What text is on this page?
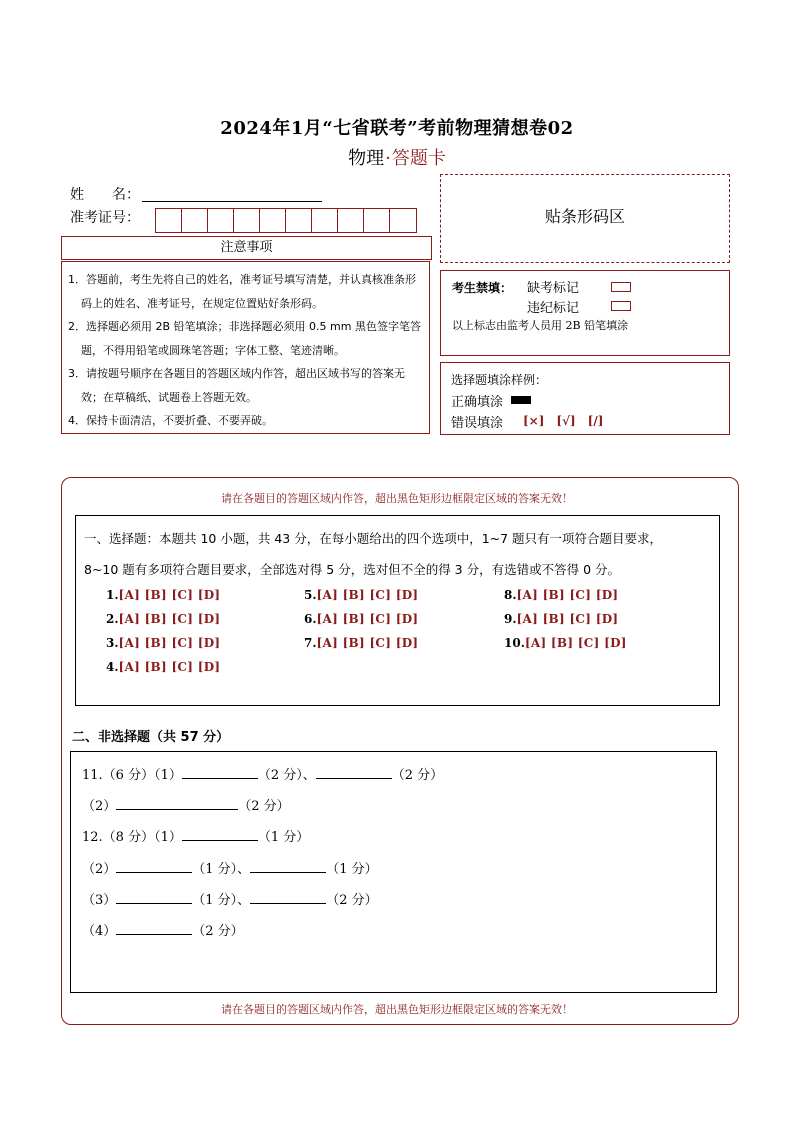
2024年1月“七省联考”考前物理猜想卷02
物理·答题卡
姓　　名：
准考证号：
注意事项

1．答题前，考生先将自己的姓名，准考证号填写清楚，并认真核准条形码上的姓名、准考证号，在规定位置贴好条形码。

2．选择题必须用 2B 铅笔填涂；非选择题必须用 0.5 mm 黑色签字笔答题，不得用铅笔或圆珠笔答题；字体工整、笔迹清晰。

3．请按题号顺序在各题目的答题区域内作答，超出区域书写的答案无效；在草稿纸、试题卷上答题无效。

4．保持卡面清洁，不要折叠、不要弄破。

贴条形码区
考生禁填： 缺考标记
违纪标记
以上标志由监考人员用 2B 铅笔填涂
选择题填涂样例：
正确填涂
错误填涂 [×]　[√]　[/]
请在各题目的答题区域内作答，超出黑色矩形边框限定区域的答案无效！
一、选择题：本题共 10 小题，共 43 分，在每小题给出的四个选项中，1~7 题只有一项符合题目要求，
8~10 题有多项符合题目要求，全部选对得 5 分，选对但不全的得 3 分，有选错或不答得 0 分。
1.[A] [B] [C] [D]
2.[A] [B] [C] [D]
3.[A] [B] [C] [D]
4.[A] [B] [C] [D]
5.[A] [B] [C] [D]
6.[A] [B] [C] [D]
7.[A] [B] [C] [D]
8.[A] [B] [C] [D]
9.[A] [B] [C] [D]
10.[A] [B] [C] [D]
二、非选择题（共 57 分）
11.（6 分）（1）	（2 分）、	（2 分）
（2）	（2 分）
12.（8 分）（1）	（1 分）
（2）	（1 分）、	（1 分）
（3）	（1 分）、	（2 分）
（4）	（2 分）
请在各题目的答题区域内作答，超出黑色矩形边框限定区域的答案无效！
